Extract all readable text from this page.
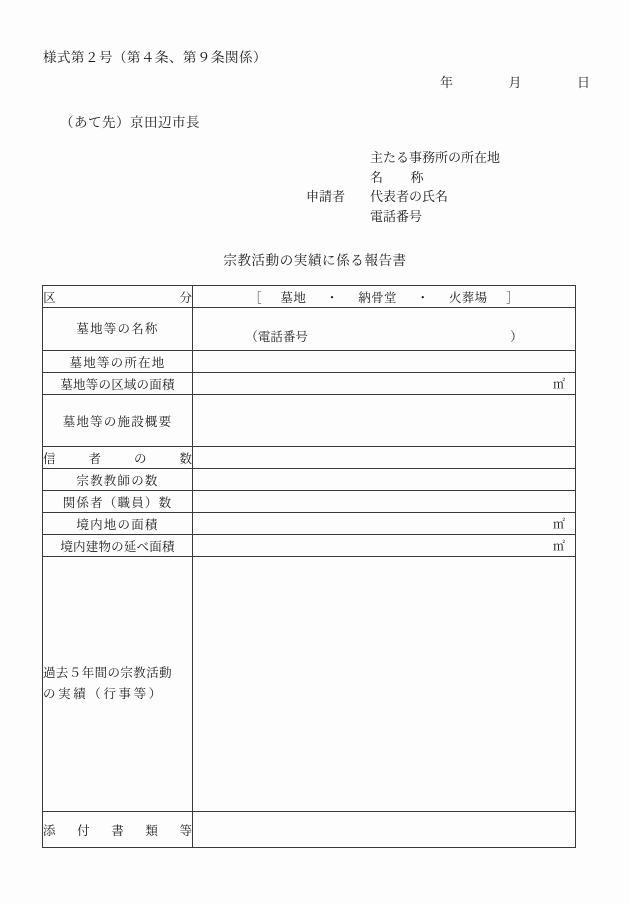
様式第２号（第４条、第９条関係）
年	月	日
（あて先）京田辺市長
主たる事務所の所在地
名　　称
申請者	代表者の氏名
電話番号
宗教活動の実績に係る報告書
区 分	［ 墓地 ・ 納骨堂 ・ 火葬場 ］

墓地等の名称	（電話番号 ）

墓地等の所在地	

墓地等の区域の面積	㎡

墓地等の施設概要	

信 者 の 数	

宗教教師の数	

関係者（職員）数	

境内地の面積	㎡

境内建物の延べ面積	㎡

過去５年間の宗教活動
の実績（行事等）	

添 付 書 類 等	
